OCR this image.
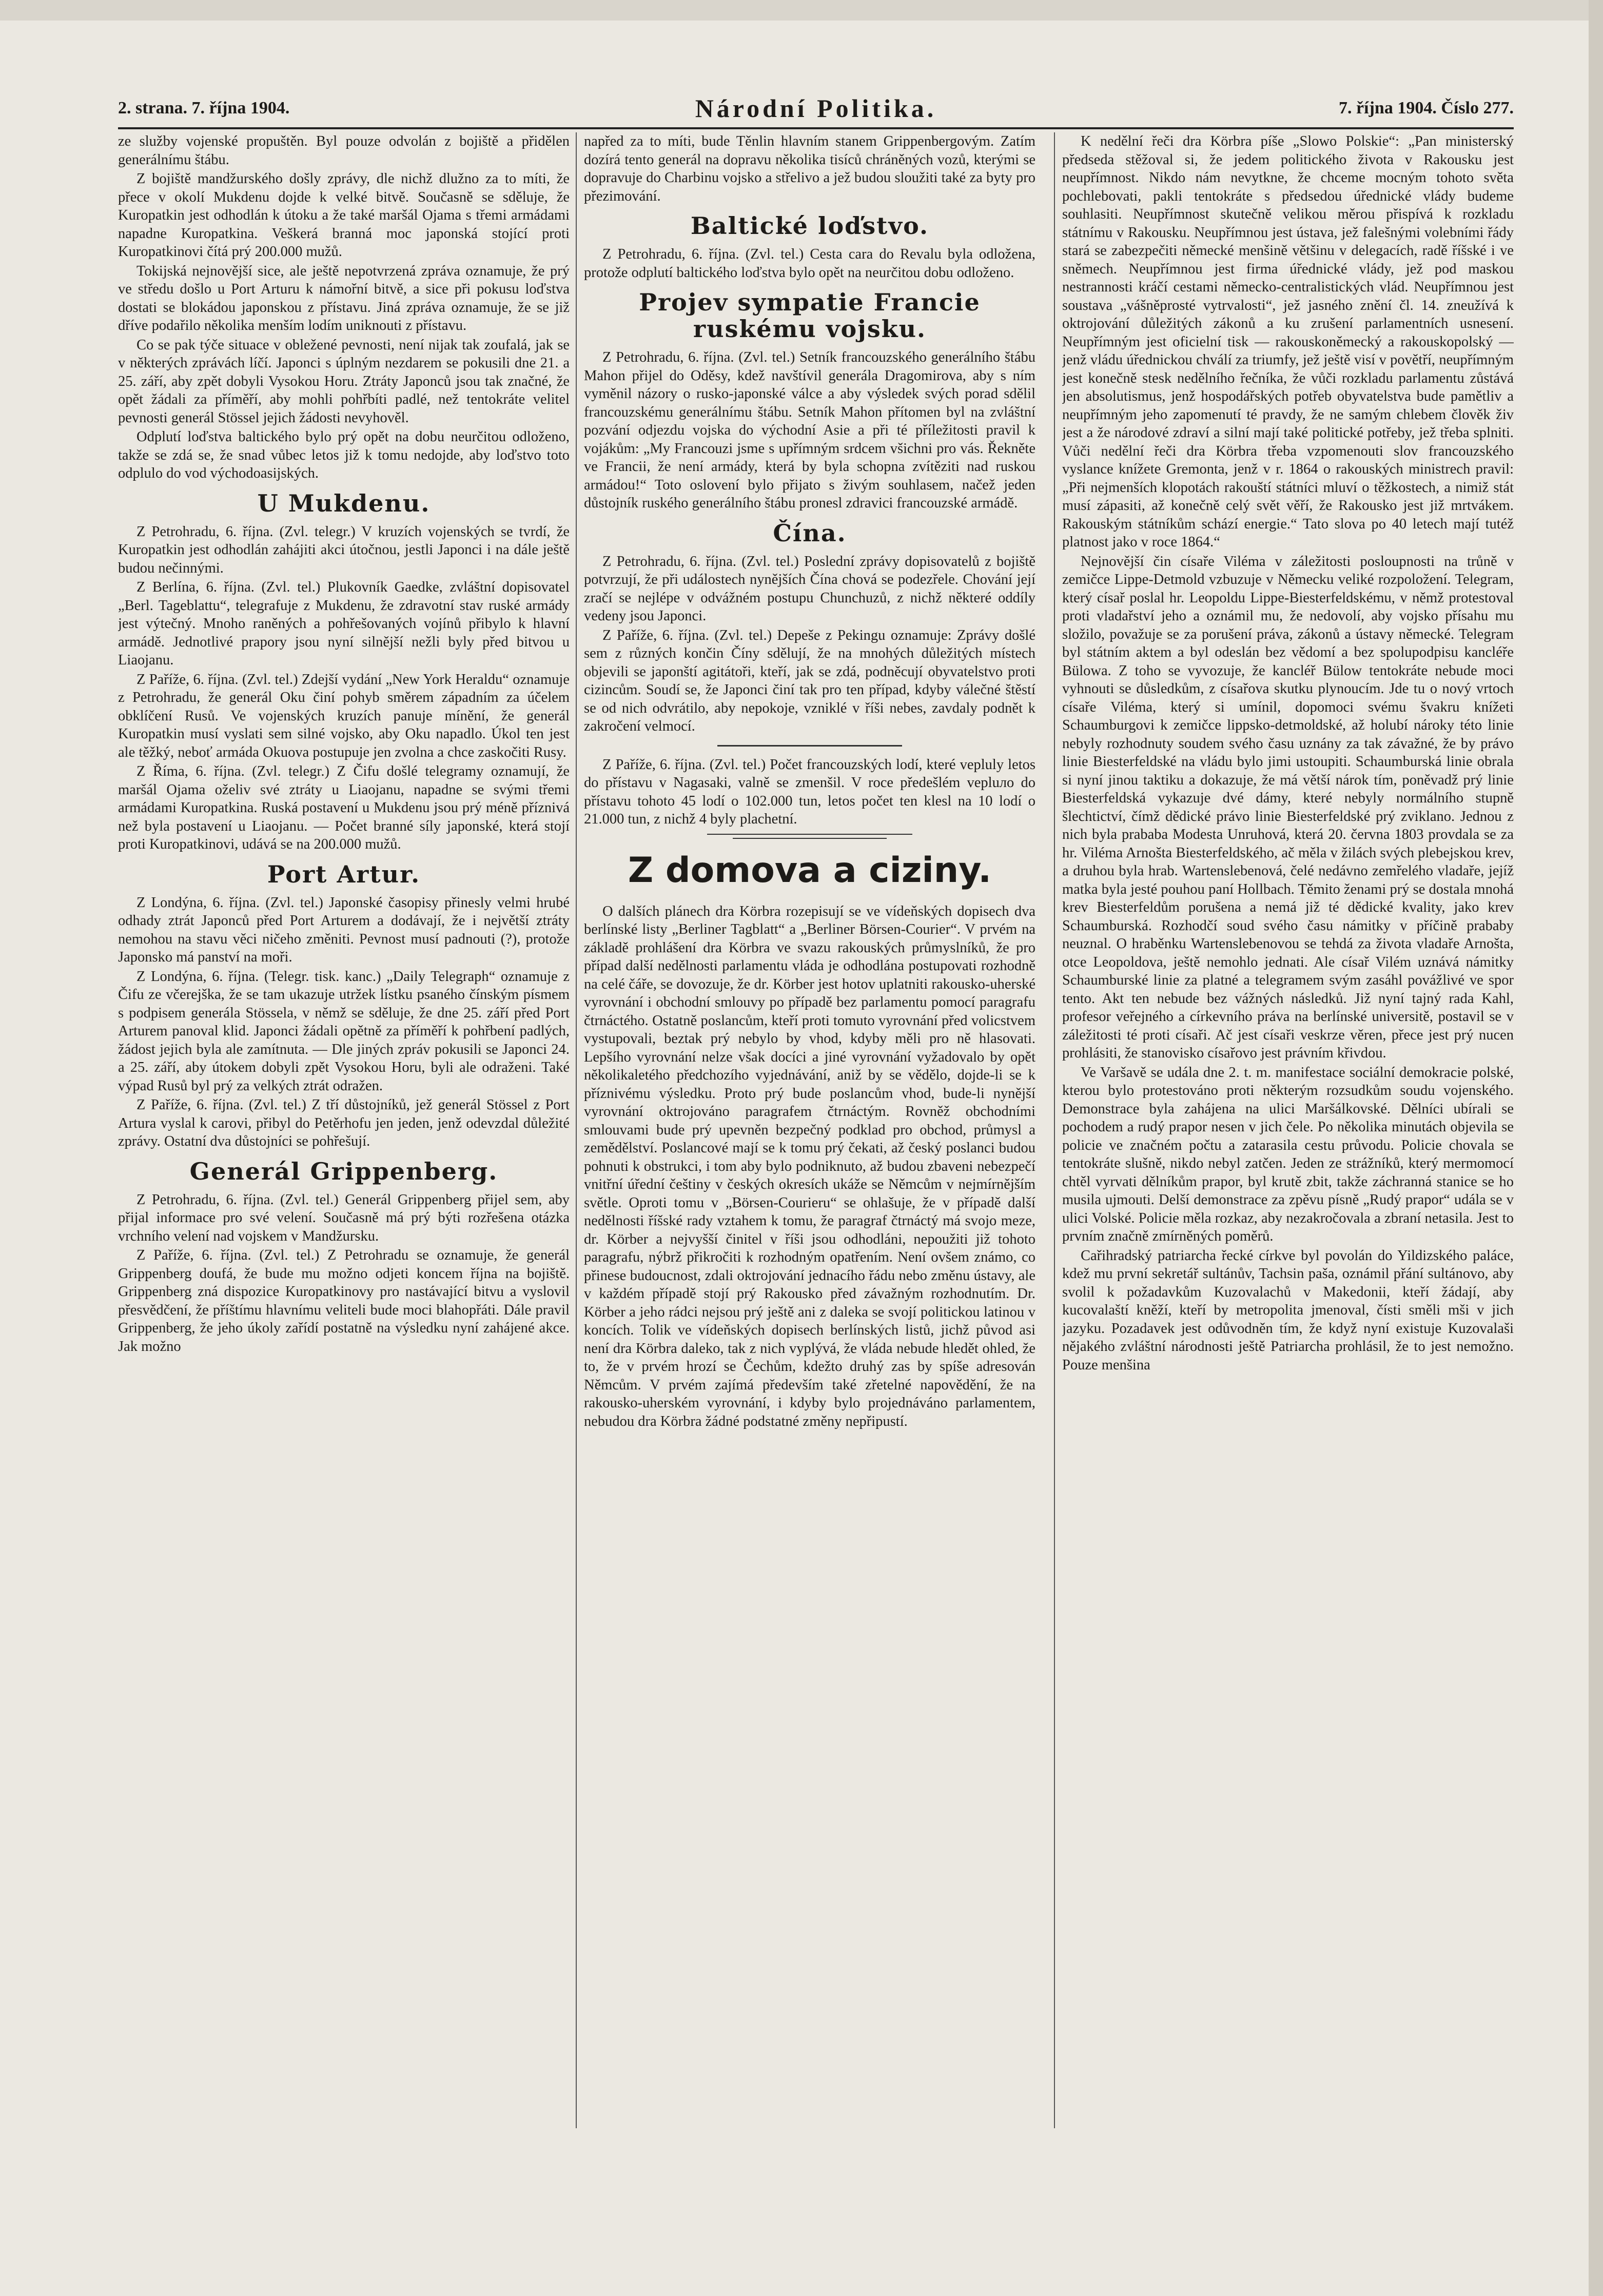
2. strana. 7. října 1904.	Národní Politika.	7. října 1904. Číslo 277.

ze služby vojenské propuštěn. Byl pouze odvolán z bojiště a přidělen generálnímu štábu.

Z bojiště mandžurského došly zprávy, dle nichž dlužno za to míti, že přece v okolí Mukdenu dojde k velké bitvě. Současně se sděluje, že Kuropatkin jest odhodlán k útoku a že také maršál Ojama s třemi armádami napadne Kuropatkina. Veškerá branná moc japonská stojící proti Kuropatkinovi čítá prý 200.000 mužů.

Tokijská nejnovější sice, ale ještě nepotvrzená zpráva oznamuje, že prý ve středu došlo u Port Arturu k námořní bitvě, a sice při pokusu loďstva dostati se blokádou japonskou z přístavu. Jiná zpráva oznamuje, že se již dříve podařilo několika menším lodím uniknouti z přístavu.

Co se pak týče situace v obležené pevnosti, není nijak tak zoufalá, jak se v některých zprávách líčí. Japonci s úplným nezdarem se pokusili dne 21. a 25. září, aby zpět dobyli Vysokou Horu. Ztráty Japonců jsou tak značné, že opět žádali za příměří, aby mohli pohřbíti padlé, než tentokráte velitel pevnosti generál Stössel jejich žádosti nevyhověl.

Odplutí loďstva baltického bylo prý opět na dobu neurčitou odloženo, takže se zdá se, že snad vůbec letos již k tomu nedojde, aby loďstvo toto odplulo do vod východoasijských.

U Mukdenu.

Z Petrohradu, 6. října. (Zvl. telegr.) V kruzích vojenských se tvrdí, že Kuropatkin jest odhodlán zahájiti akci útočnou, jestli Japonci i na dále ještě budou nečinnými.

Z Berlína, 6. října. (Zvl. tel.) Plukovník Gaedke, zvláštní dopisovatel „Berl. Tageblattu“, telegrafuje z Mukdenu, že zdravotní stav ruské armády jest výtečný. Mnoho raněných a pohřešovaných vojínů přibylo k hlavní armádě. Jednotlivé prapory jsou nyní silnější nežli byly před bitvou u Liaojanu.

Z Paříže, 6. října. (Zvl. tel.) Zdejší vydání „New York Heraldu“ oznamuje z Petrohradu, že generál Oku činí pohyb směrem západním za účelem obklíčení Rusů. Ve vojenských kruzích panuje mínění, že generál Kuropatkin musí vyslati sem silné vojsko, aby Oku napadlo. Úkol ten jest ale těžký, neboť armáda Okuova postupuje jen zvolna a chce zaskočiti Rusy.

Z Říma, 6. října. (Zvl. telegr.) Z Čifu došlé telegramy oznamují, že maršál Ojama oželiv své ztráty u Liaojanu, napadne se svými třemi armádami Kuropatkina. Ruská postavení u Mukdenu jsou prý méně příznivá než byla postavení u Liaojanu. — Počet branné síly japonské, která stojí proti Kuropatkinovi, udává se na 200.000 mužů.

Port Artur.

Z Londýna, 6. října. (Zvl. tel.) Japonské časopisy přinesly velmi hrubé odhady ztrát Japonců před Port Arturem a dodávají, že i největší ztráty nemohou na stavu věci ničeho změniti. Pevnost musí padnouti (?), protože Japonsko má panství na moři.

Z Londýna, 6. října. (Telegr. tisk. kanc.) „Daily Telegraph“ oznamuje z Čifu ze včerejška, že se tam ukazuje utržek lístku psaného čínským písmem s podpisem generála Stössela, v němž se sděluje, že dne 25. září před Port Arturem panoval klid. Japonci žádali opětně za příměří k pohřbení padlých, žádost jejich byla ale zamítnuta. — Dle jiných zpráv pokusili se Japonci 24. a 25. září, aby útokem dobyli zpět Vysokou Horu, byli ale odraženi. Také výpad Rusů byl prý za velkých ztrát odražen.

Z Paříže, 6. října. (Zvl. tel.) Z tří důstojníků, jež generál Stössel z Port Artura vyslal k carovi, přibyl do Petěrhofu jen jeden, jenž odevzdal důležité zprávy. Ostatní dva důstojníci se pohřešují.

Generál Grippenberg.

Z Petrohradu, 6. října. (Zvl. tel.) Generál Grippenberg přijel sem, aby přijal informace pro své velení. Současně má prý býti rozřešena otázka vrchního velení nad vojskem v Mandžursku.

Z Paříže, 6. října. (Zvl. tel.) Z Petrohradu se oznamuje, že generál Grippenberg doufá, že bude mu možno odjeti koncem října na bojiště. Grippenberg zná dispozice Kuropatkinovy pro nastávající bitvu a vyslovil přesvědčení, že příštímu hlavnímu veliteli bude moci blahopřáti. Dále pravil Grippenberg, že jeho úkoly zařídí postatně na výsledku nyní zahájené akce. Jak možno

napřed za to míti, bude Těnlin hlavním stanem Grippenbergovým. Zatím dozírá tento generál na dopravu několika tisíců chráněných vozů, kterými se dopravuje do Charbinu vojsko a střelivo a jež budou sloužiti také za byty pro přezimování.

Baltické loďstvo.

Z Petrohradu, 6. října. (Zvl. tel.) Cesta cara do Revalu byla odložena, protože odplutí baltického loďstva bylo opět na neurčitou dobu odloženo.

Projev sympatie Francie ruskému vojsku.

Z Petrohradu, 6. října. (Zvl. tel.) Setník francouzského generálního štábu Mahon přijel do Oděsy, kdež navštívil generála Dragomirova, aby s ním vyměnil názory o rusko-japonské válce a aby výsledek svých porad sdělil francouzskému generálnímu štábu. Setník Mahon přítomen byl na zvláštní pozvání odjezdu vojska do východní Asie a při té příležitosti pravil k vojákům: „My Francouzi jsme s upřímným srdcem všichni pro vás. Řekněte ve Francii, že není armády, která by byla schopna zvítěziti nad ruskou armádou!“ Toto oslovení bylo přijato s živým souhlasem, načež jeden důstojník ruského generálního štábu pronesl zdravici francouzské armádě.

Čína.

Z Petrohradu, 6. října. (Zvl. tel.) Poslední zprávy dopisovatelů z bojiště potvrzují, že při událostech nynějších Čína chová se podezřele. Chování její zračí se nejlépe v odvážném postupu Chunchuzů, z nichž některé oddíly vedeny jsou Japonci.

Z Paříže, 6. října. (Zvl. tel.) Depeše z Pekingu oznamuje: Zprávy došlé sem z různých končin Číny sdělují, že na mnohých důležitých místech objevili se japonští agitátoři, kteří, jak se zdá, podněcují obyvatelstvo proti cizincům. Soudí se, že Japonci činí tak pro ten případ, kdyby válečné štěstí se od nich odvrátilo, aby nepokoje, vzniklé v říši nebes, zavdaly podnět k zakročení velmocí.

Z Paříže, 6. října. (Zvl. tel.) Počet francouzských lodí, které vepluly letos do přístavu v Nagasaki, valně se zmenšil. V roce předešlém vepluло do přístavu tohoto 45 lodí o 102.000 tun, letos počet ten klesl na 10 lodí o 21.000 tun, z nichž 4 byly plachetní.

Z domova a ciziny.

O dalších plánech dra Körbra rozepisují se ve vídeňských dopisech dva berlínské listy „Berliner Tagblatt“ a „Berliner Börsen-Courier“. V prvém na základě prohlášení dra Körbra ve svazu rakouských průmyslníků, že pro případ další nedělnosti parlamentu vláda je odhodlána postupovati rozhodně na celé čáře, se dovozuje, že dr. Körber jest hotov uplatniti rakousko-uherské vyrovnání i obchodní smlouvy po případě bez parlamentu pomocí paragrafu čtrnáctého. Ostatně poslancům, kteří proti tomuto vyrovnání před volicstvem vystupovali, beztak prý nebylo by vhod, kdyby měli pro ně hlasovati. Lepšího vyrovnání nelze však docíci a jiné vyrovnání vyžadovalo by opět několikaletého předchozího vyjednávání, aniž by se vědělo, dojde-li se k příznivému výsledku. Proto prý bude poslancům vhod, bude-li nynější vyrovnání oktrojováno paragrafem čtrnáctým. Rovněž obchodními smlouvami bude prý upevněn bezpečný podklad pro obchod, průmysl a zemědělství. Poslancové mají se k tomu prý čekati, až český poslanci budou pohnuti k obstrukci, i tom aby bylo podniknuto, až budou zbaveni nebezpečí vnitřní úřední češtiny v českých okresích ukáže se Němcům v nejmírnějším světle. Oproti tomu v „Börsen-Courieru“ se ohlašuje, že v případě další nedělnosti říšské rady vztahem k tomu, že paragraf čtrnáctý má svojo meze, dr. Körber a nejvyšší činitel v říši jsou odhodláni, nepoužiti již tohoto paragrafu, nýbrž přikročiti k rozhodným opatřením. Není ovšem známo, co přinese budoucnost, zdali oktrojování jednacího řádu nebo změnu ústavy, ale v každém případě stojí prý Rakousko před závažným rozhodnutím. Dr. Körber a jeho rádci nejsou prý ještě ani z daleka se svojí politickou latinou v koncích. Tolik ve vídeňských dopisech berlínských listů, jichž původ asi není dra Körbra daleko, tak z nich vyplývá, že vláda nebude hledět ohled, že to, že v prvém hrozí se Čechům, kdežto druhý zas by spíše adresován Němcům. V prvém zajímá především také zřetelné napovědění, že na rakousko-uherském vyrovnání, i kdyby bylo projednáváno parlamentem, nebudou dra Körbra žádné podstatné změny nepřipustí.

K nedělní řeči dra Körbra píše „Slowo Polskie“: „Pan ministerský předseda stěžoval si, že jedem politického života v Rakousku jest neupřímnost. Nikdo nám nevytkne, že chceme mocným tohoto světa pochlebovati, pakli tentokráte s předsedou úřednické vlády budeme souhlasiti. Neupřímnost skutečně velikou měrou přispívá k rozkladu státnímu v Rakousku. Neupřímnou jest ústava, jež falešnými volebními řády stará se zabezpečiti německé menšině většinu v delegacích, radě říšské i ve sněmech. Neupřímnou jest firma úřednické vlády, jež pod maskou nestrannosti kráčí cestami německo-centralistických vlád. Neupřímnou jest soustava „vášněprosté vytrvalosti“, jež jasného znění čl. 14. zneužívá k oktrojování důležitých zákonů a ku zrušení parlamentních usnesení. Neupřímným jest oficielní tisk — rakouskoněmecký a rakouskopolský — jenž vládu úřednickou chválí za triumfy, jež ještě visí v povětří, neupřímným jest konečně stesk nedělního řečníka, že vůči rozkladu parlamentu zůstává jen absolutismus, jenž hospodářských potřeb obyvatelstva bude pamětliv a neupřímným jeho zapomenutí té pravdy, že ne samým chlebem člověk živ jest a že národové zdraví a silní mají také politické potřeby, jež třeba splniti. Vůči nedělní řeči dra Körbra třeba vzpomenouti slov francouzského vyslance knížete Gremonta, jenž v r. 1864 o rakouských ministrech pravil: „Při nejmenších klopotách rakouští státníci mluví o těžkostech, a nimiž stát musí zápasiti, až konečně celý svět věří, že Rakousko jest již mrtvákem. Rakouským státníkům schází energie.“ Tato slova po 40 letech mají tutéž platnost jako v roce 1864.“

Nejnovější čin císaře Viléma v záležitosti posloupnosti na trůně v zemičce Lippe-Detmold vzbuzuje v Německu veliké rozpoložení. Telegram, který císař poslal hr. Leopoldu Lippe-Biesterfeldskému, v němž protestoval proti vladařství jeho a oznámil mu, že nedovolí, aby vojsko přísahu mu složilo, považuje se za porušení práva, zákonů a ústavy německé. Telegram byl státním aktem a byl odeslán bez vědomí a bez spolupodpisu kancléře Bülowa. Z toho se vyvozuje, že kancléř Bülow tentokráte nebude moci vyhnouti se důsledkům, z císařova skutku plynoucím. Jde tu o nový vrtoch císaře Viléma, který si umínil, dopomoci svému švakru knížeti Schaumburgovi k zemičce lippsko-detmoldské, až holubí nároky této linie nebyly rozhodnuty soudem svého času uznány za tak závažné, že by právo linie Biesterfeldské na vládu bylo jimi ustoupiti. Schaumburská linie obrala si nyní jinou taktiku a dokazuje, že má větší nárok tím, poněvadž prý linie Biesterfeldská vykazuje dvé dámy, které nebyly normálního stupně šlechtictví, čímž dědické právo linie Biesterfeldské prý zviklano. Jednou z nich byla prababa Modesta Unruhová, která 20. června 1803 provdala se za hr. Viléma Arnošta Biesterfeldského, ač měla v žilách svých plebejskou krev, a druhou byla hrab. Wartenslebenová, čelé nedávno zemřelého vladaře, jejíž matka byla jesté pouhou paní Hollbach. Těmito ženami prý se dostala mnohá krev Biesterfeldům porušena a nemá již té dědické kvality, jako krev Schaumburská. Rozhodčí soud svého času námitky v příčině prababy neuznal. O hraběnku Wartenslebenovou se tehdá za života vladaře Arnošta, otce Leopoldova, ještě nemohlo jednati. Ale císař Vilém uznává námitky Schaumburské linie za platné a telegramem svým zasáhl povážlivé ve spor tento. Akt ten nebude bez vážných následků. Již nyní tajný rada Kahl, profesor veřejného a církevního práva na berlínské universitě, postavil se v záležitosti té proti císaři. Ač jest císaři veskrze věren, přece jest prý nucen prohlásiti, že stanovisko císařovo jest právním křivdou.

Ve Varšavě se udála dne 2. t. m. manifestace sociální demokracie polské, kterou bylo protestováno proti některým rozsudkům soudu vojenského. Demonstrace byla zahájena na ulici Maršálkovské. Dělníci ubírali se pochodem a rudý prapor nesen v jich čele. Po několika minutách objevila se policie ve značném počtu a zatarasila cestu průvodu. Policie chovala se tentokráte slušně, nikdo nebyl zatčen. Jeden ze strážníků, který mermomocí chtěl vyrvati dělníkům prapor, byl krutě zbit, takže záchranná stanice se ho musila ujmouti. Delší demonstrace za zpěvu písně „Rudý prapor“ udála se v ulici Volské. Policie měla rozkaz, aby nezakročovala a zbraní netasila. Jest to prvním značně zmírněných poměrů.

Cařihradský patriarcha řecké církve byl povolán do Yildizského paláce, kdež mu první sekretář sultánův, Tachsin paša, oznámil přání sultánovo, aby svolil k požadavkům Kuzovalachů v Makedonii, kteří žádají, aby kucovalaští kněží, kteří by metropolita jmenoval, čísti směli mši v jich jazyku. Pozadavek jest odůvodněn tím, že když nyní existuje Kuzovalaši nějakého zvláštní národnosti ještě Patriarcha prohlásil, že to jest nemožno. Pouze menšina
